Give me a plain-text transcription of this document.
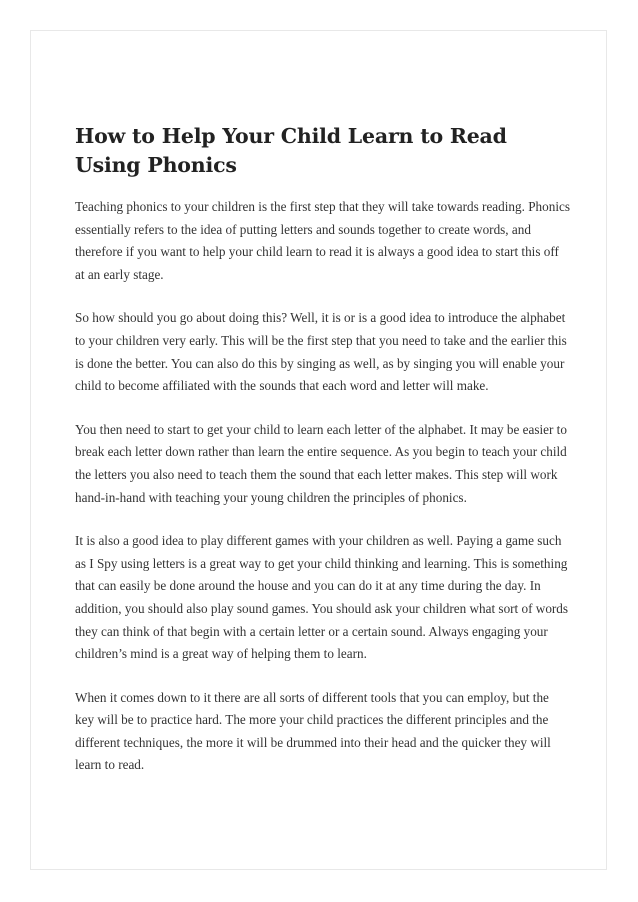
How to Help Your Child Learn to Read Using Phonics

Teaching phonics to your children is the first step that they will take towards reading. Phonics essentially refers to the idea of putting letters and sounds together to create words, and therefore if you want to help your child learn to read it is always a good idea to start this off at an early stage.

So how should you go about doing this? Well, it is or is a good idea to introduce the alphabet to your children very early. This will be the first step that you need to take and the earlier this is done the better. You can also do this by singing as well, as by singing you will enable your child to become affiliated with the sounds that each word and letter will make.

You then need to start to get your child to learn each letter of the alphabet. It may be easier to break each letter down rather than learn the entire sequence. As you begin to teach your child the letters you also need to teach them the sound that each letter makes. This step will work hand-in-hand with teaching your young children the principles of phonics.

It is also a good idea to play different games with your children as well. Paying a game such as I Spy using letters is a great way to get your child thinking and learning. This is something that can easily be done around the house and you can do it at any time during the day. In addition, you should also play sound games. You should ask your children what sort of words they can think of that begin with a certain letter or a certain sound. Always engaging your children’s mind is a great way of helping them to learn.

When it comes down to it there are all sorts of different tools that you can employ, but the key will be to practice hard. The more your child practices the different principles and the different techniques, the more it will be drummed into their head and the quicker they will learn to read.
